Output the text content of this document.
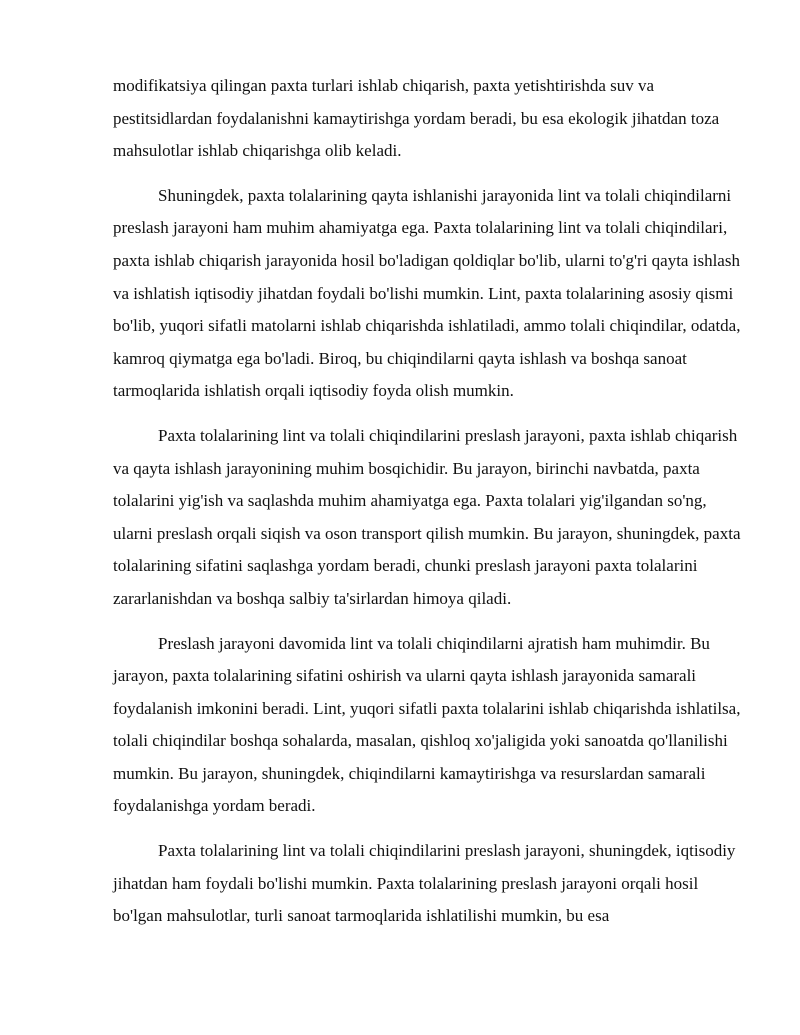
modifikatsiya qilingan paxta turlari ishlab chiqarish, paxta yetishtirishda suv va pestitsidlardan foydalanishni kamaytirishga yordam beradi, bu esa ekologik jihatdan toza mahsulotlar ishlab chiqarishga olib keladi.

Shuningdek, paxta tolalarining qayta ishlanishi jarayonida lint va tolali chiqindilarni preslash jarayoni ham muhim ahamiyatga ega. Paxta tolalarining lint va tolali chiqindilari, paxta ishlab chiqarish jarayonida hosil bo'ladigan qoldiqlar bo'lib, ularni to'g'ri qayta ishlash va ishlatish iqtisodiy jihatdan foydali bo'lishi mumkin. Lint, paxta tolalarining asosiy qismi bo'lib, yuqori sifatli matolarni ishlab chiqarishda ishlatiladi, ammo tolali chiqindilar, odatda, kamroq qiymatga ega bo'ladi. Biroq, bu chiqindilarni qayta ishlash va boshqa sanoat tarmoqlarida ishlatish orqali iqtisodiy foyda olish mumkin.

Paxta tolalarining lint va tolali chiqindilarini preslash jarayoni, paxta ishlab chiqarish va qayta ishlash jarayonining muhim bosqichidir. Bu jarayon, birinchi navbatda, paxta tolalarini yig'ish va saqlashda muhim ahamiyatga ega. Paxta tolalari yig'ilgandan so'ng, ularni preslash orqali siqish va oson transport qilish mumkin. Bu jarayon, shuningdek, paxta tolalarining sifatini saqlashga yordam beradi, chunki preslash jarayoni paxta tolalarini zararlanishdan va boshqa salbiy ta'sirlardan himoya qiladi.

Preslash jarayoni davomida lint va tolali chiqindilarni ajratish ham muhimdir. Bu jarayon, paxta tolalarining sifatini oshirish va ularni qayta ishlash jarayonida samarali foydalanish imkonini beradi. Lint, yuqori sifatli paxta tolalarini ishlab chiqarishda ishlatilsa, tolali chiqindilar boshqa sohalarda, masalan, qishloq xo'jaligida yoki sanoatda qo'llanilishi mumkin. Bu jarayon, shuningdek, chiqindilarni kamaytirishga va resurslardan samarali foydalanishga yordam beradi.

Paxta tolalarining lint va tolali chiqindilarini preslash jarayoni, shuningdek, iqtisodiy jihatdan ham foydali bo'lishi mumkin. Paxta tolalarining preslash jarayoni orqali hosil bo'lgan mahsulotlar, turli sanoat tarmoqlarida ishlatilishi mumkin, bu esa
